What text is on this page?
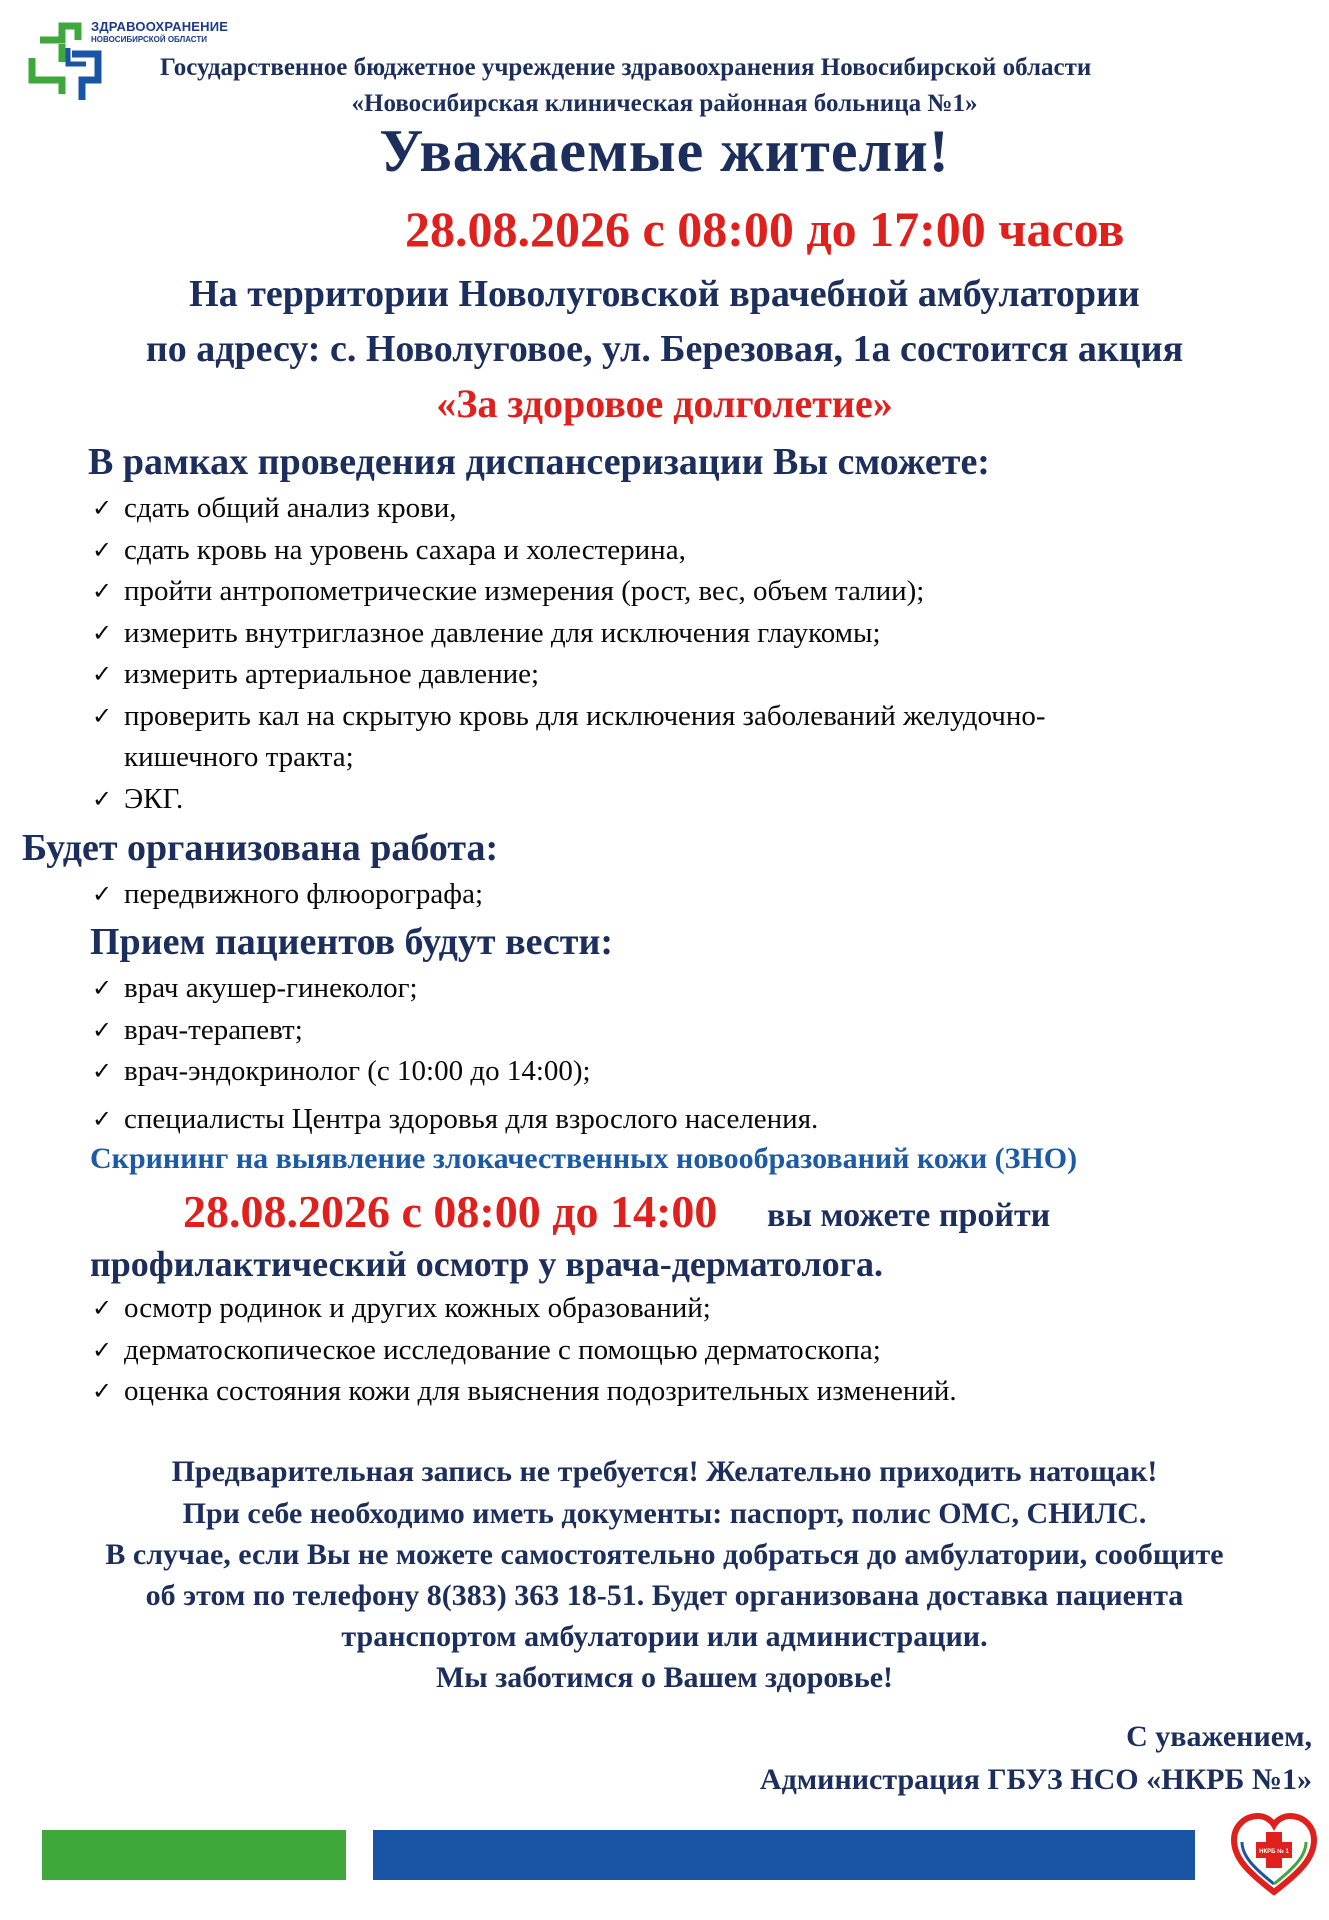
ЗДРАВООХРАНЕНИЕ
НОВОСИБИРСКОЙ ОБЛАСТИ
Государственное бюджетное учреждение здравоохранения Новосибирской области
«Новосибирская клиническая районная больница №1»
Уважаемые жители!
28.08.2026 с 08:00 до 17:00 часов
На территории Новолуговской врачебной амбулатории
по адресу: с. Новолуговое, ул. Березовая, 1а состоится акция
«За здоровое долголетие»
В рамках проведения диспансеризации Вы сможете:
✓ сдать общий анализ крови,
✓ сдать кровь на уровень сахара и холестерина,
✓ пройти антропометрические измерения (рост, вес, объем талии);
✓ измерить внутриглазное давление для исключения глаукомы;
✓ измерить артериальное давление;
✓ проверить кал на скрытую кровь для исключения заболеваний желудочно-
кишечного тракта;
✓ ЭКГ.
Будет организована работа:
✓ передвижного флюорографа;
Прием пациентов будут вести:
✓ врач акушер-гинеколог;
✓ врач-терапевт;
✓ врач-эндокринолог (с 10:00 до 14:00);
✓ специалисты Центра здоровья для взрослого населения.
Скрининг на выявление злокачественных новообразований кожи (ЗНО)
28.08.2026 с 08:00 до 14:00 вы можете пройти
профилактический осмотр у врача-дерматолога.
✓ осмотр родинок и других кожных образований;
✓ дерматоскопическое исследование с помощью дерматоскопа;
✓ оценка состояния кожи для выяснения подозрительных изменений.
Предварительная запись не требуется! Желательно приходить натощак!
При себе необходимо иметь документы: паспорт, полис ОМС, СНИЛС.
В случае, если Вы не можете самостоятельно добраться до амбулатории, сообщите
об этом по телефону 8(383) 363 18-51. Будет организована доставка пациента
транспортом амбулатории или администрации.
Мы заботимся о Вашем здоровье!
С уважением,
Администрация ГБУЗ НСО «НКРБ №1»
НКРБ № 1
